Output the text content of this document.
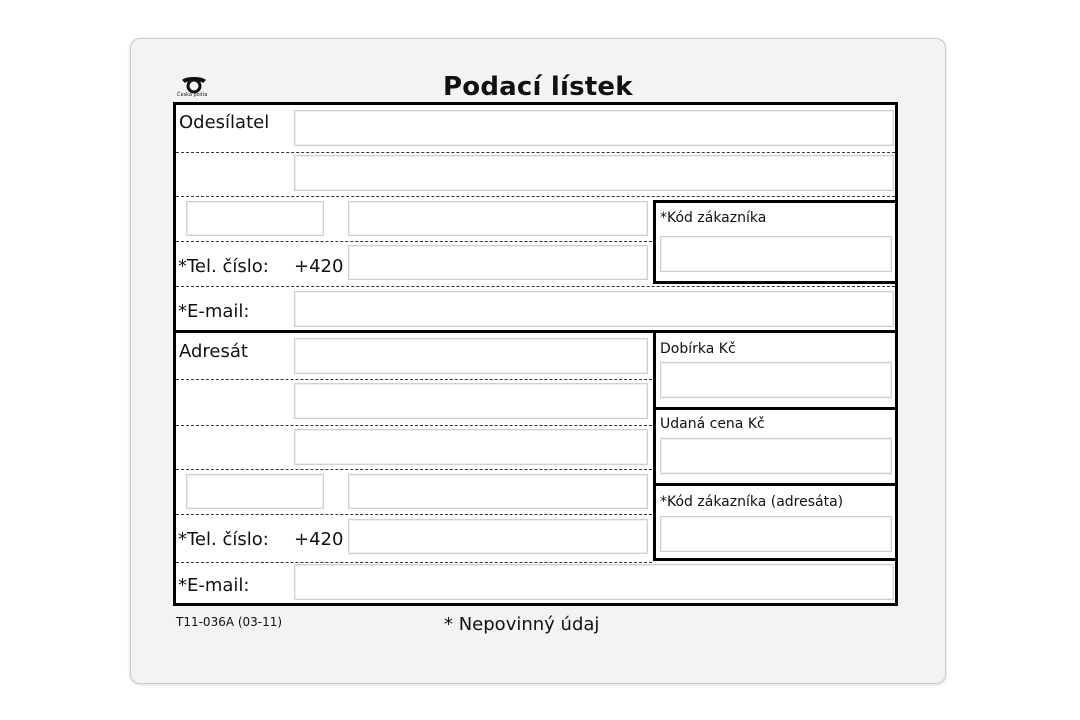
Česká pošta	Podací lístek
Odesílatel
*Tel. číslo: +420
*Kód zákazníka
*E-mail:
Adresát
*Tel. číslo: +420
Dobírka Kč
Udaná cena Kč
*Kód zákazníka (adresáta)
*E-mail:
T11-036A (03-11)	* Nepovinný údaj
